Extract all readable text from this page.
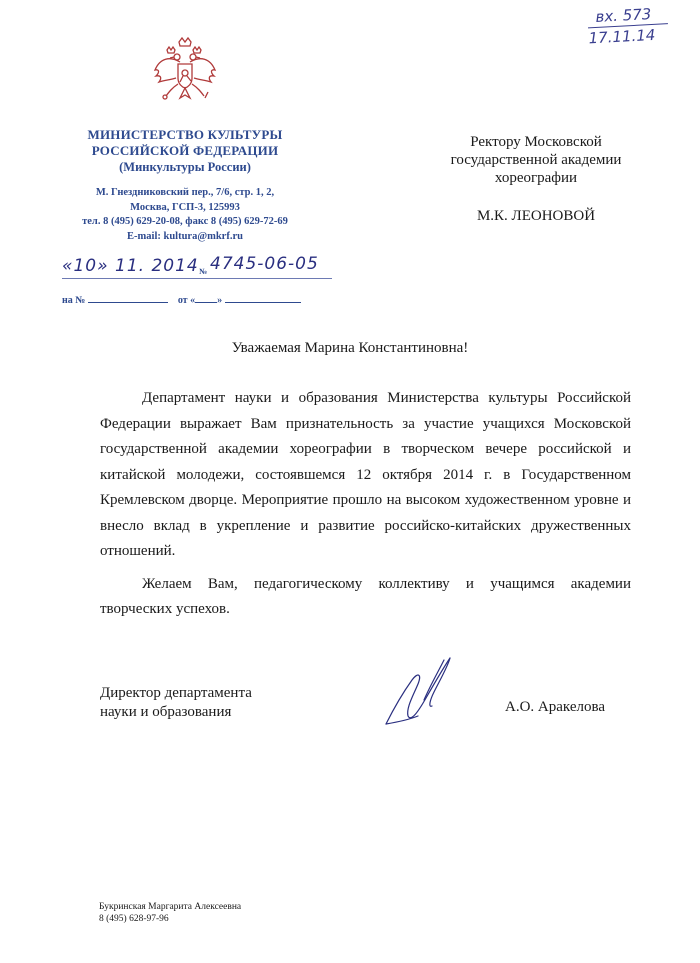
вх. 573
17.11.14
МИНИСТЕРСТВО КУЛЬТУРЫ
РОССИЙСКОЙ ФЕДЕРАЦИИ
(Минкультуры России)
М. Гнездниковский пер., 7/6, стр. 1, 2,
Москва, ГСП-3, 125993
тел. 8 (495) 629-20-08, факс 8 (495) 629-72-69
E-mail: kultura@mkrf.ru
«10» 11. 2014 № 4745-06-05
на №	от « »
Ректору Московской
государственной академии
хореографии
М.К. ЛЕОНОВОЙ
Уважаемая Марина Константиновна!

Департамент науки и образования Министерства культуры Российской Федерации выражает Вам признательность за участие учащихся Московской государственной академии хореографии в творческом вечере российской и китайской молодежи, состоявшемся 12 октября 2014 г. в Государственном Кремлевском дворце. Мероприятие прошло на высоком художественном уровне и внесло вклад в укрепление и развитие российско-китайских дружественных отношений.

Желаем Вам, педагогическому коллективу и учащимся академии творческих успехов.

Директор департамента
науки и образования	А.О. Аракелова
Букринская Маргарита Алексеевна
8 (495) 628-97-96
